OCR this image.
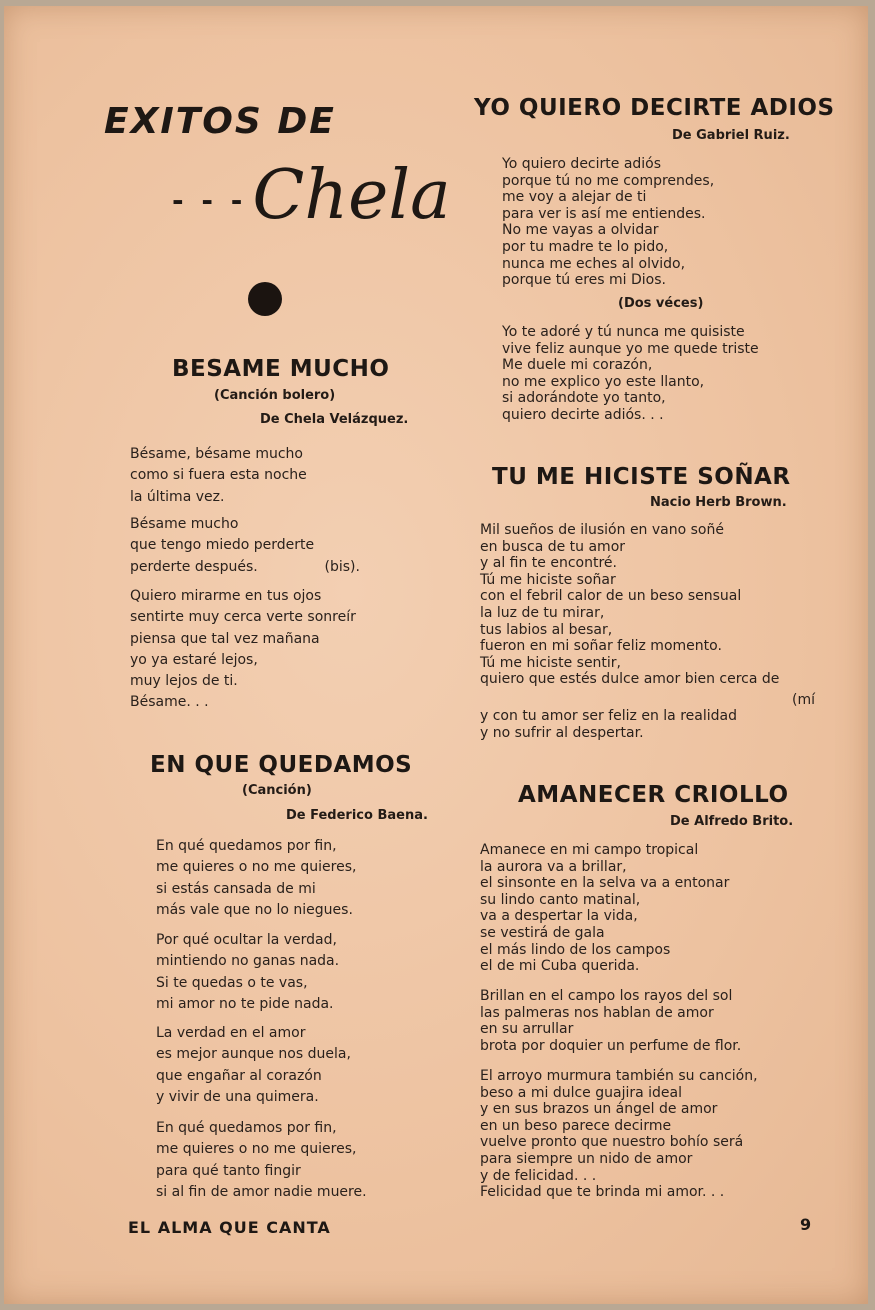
EXITOS DE
- - -Chela
BESAME MUCHO
(Canción bolero)
De Chela Velázquez.
Bésame, bésame mucho
como si fuera esta noche
la última vez.
Bésame mucho
que tengo miedo perderte
perderte después.               (bis).
Quiero mirarme en tus ojos
sentirte muy cerca verte sonreír
piensa que tal vez mañana
yo ya estaré lejos,
muy lejos de ti.
Bésame. . .
EN QUE QUEDAMOS
(Canción)
De Federico Baena.
En qué quedamos por fin,
me quieres o no me quieres,
si estás cansada de mi
más vale que no lo niegues.
Por qué ocultar la verdad,
mintiendo no ganas nada.
Si te quedas o te vas,
mi amor no te pide nada.
La verdad en el amor
es mejor aunque nos duela,
que engañar al corazón
y vivir de una quimera.
En qué quedamos por fin,
me quieres o no me quieres,
para qué tanto fingir
si al fin de amor nadie muere.
YO QUIERO DECIRTE ADIOS
De Gabriel Ruiz.
Yo quiero decirte adiós
porque tú no me comprendes,
me voy a alejar de ti
para ver is así me entiendes.
No me vayas a olvidar
por tu madre te lo pido,
nunca me eches al olvido,
porque tú eres mi Dios.
(Dos véces)
Yo te adoré y tú nunca me quisiste
vive feliz aunque yo me quede triste
Me duele mi corazón,
no me explico yo este llanto,
si adorándote yo tanto,
quiero decirte adiós. . .
TU ME HICISTE SOÑAR
Nacio Herb Brown.
Mil sueños de ilusión en vano soñé
en busca de tu amor
y al fin te encontré.
Tú me hiciste soñar
con el febril calor de un beso sensual
la luz de tu mirar,
tus labios al besar,
fueron en mi soñar feliz momento.
Tú me hiciste sentir,
quiero que estés dulce amor bien cerca de
(mí
y con tu amor ser feliz en la realidad
y no sufrir al despertar.
AMANECER CRIOLLO
De Alfredo Brito.
Amanece en mi campo tropical
la aurora va a brillar,
el sinsonte en la selva va a entonar
su lindo canto matinal,
va a despertar la vida,
se vestirá de gala
el más lindo de los campos
el de mi Cuba querida.
Brillan en el campo los rayos del sol
las palmeras nos hablan de amor
en su arrullar
brota por doquier un perfume de flor.
El arroyo murmura también su canción,
beso a mi dulce guajira ideal
y en sus brazos un ángel de amor
en un beso parece decirme
vuelve pronto que nuestro bohío será
para siempre un nido de amor
y de felicidad. . .
Felicidad que te brinda mi amor. . .
EL ALMA QUE CANTA	9
